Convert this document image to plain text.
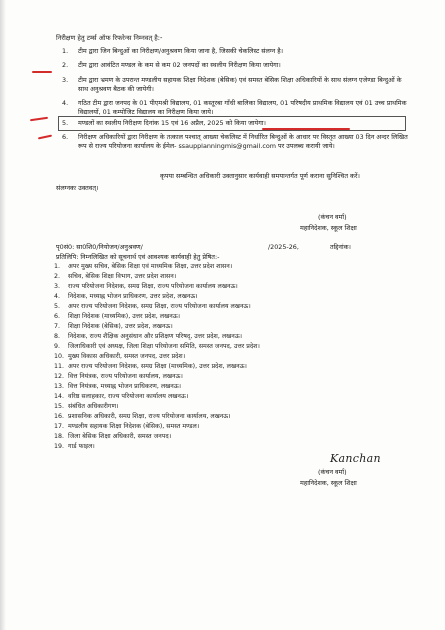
निरीक्षण हेतु टर्म्स ऑफ रिफरेन्स निम्नवत् है:-
1. टीम द्वारा जिन बिन्दुओं का निरीक्षण/अनुश्रवण किया जाना है, जिसकी चेकलिस्ट संलग्न है।
2. टीम द्वारा आवंटित मण्डल के कम से कम 02 जनपदों का स्थलीय निरीक्षण किया जायेगा।
3. टीम द्वारा भ्रमण के उपरान्त मण्डलीय सहायक शिक्षा निदेशक (बेसिक) एवं समस्त बेसिक शिक्षा अधिकारियों के साथ संलग्न एजेण्डा बिन्दुओं के साथ अनुश्रवण बैठक की जायेगी।
4. गठित टीम द्वारा जनपद के 01 पीएमश्री विद्यालय, 01 कस्तूरबा गाँधी बालिका विद्यालय, 01 परिषदीय प्राथमिक विद्यालय एवं 01 उच्च प्राथमिक विद्यालयों, 01 कम्पोजिट विद्यालय का निरीक्षण किया जाये।
5. मण्डलों का स्थलीय निरीक्षण दिनांक 15 एवं 16 अप्रैल, 2025 को किया जायेगा।
6. निरीक्षण अधिकारियों द्वारा निरीक्षण के तत्काल पश्चात् आख्या चेकलिस्ट में निर्धारित बिन्दुओं के आधार पर विस्तृत आख्या 03 दिन अन्दर लिखित रूप से राज्य परियोजना कार्यालय के ईमेल- ssaupplanningmis@gmail.com पर उपलब्ध करायी जाये।
कृपया सम्बन्धित अधिकारी उक्तानुसार कार्यवाही समयान्तर्गत पूर्ण कराना सुनिश्चित करें।
संलग्नकः उक्तवत्।
(कंचन वर्मा)
महानिदेशक, स्कूल शिक्षा
पृ0सं0: सा0शि0/नियोजन/अनुश्रवण/	/2025-26,	तद्दिनांक।
प्रतिलिपि: निम्नलिखित को सूचनार्थ एवं आवश्यक कार्यवाही हेतु प्रेषित:-
1. अपर मुख्य सचिव, बेसिक शिक्षा एवं माध्यमिक शिक्षा, उत्तर प्रदेश शासन।
2. सचिव, बेसिक शिक्षा विभाग, उत्तर प्रदेश शासन।
3. राज्य परियोजना निदेशक, समग्र शिक्षा, राज्य परियोजना कार्यालय लखनऊ।
4. निदेशक, मध्याह्न भोजन प्राधिकरण, उत्तर प्रदेश, लखनऊ।
5. अपर राज्य परियोजना निदेशक, समग्र शिक्षा, राज्य परियोजना कार्यालय लखनऊ।
6. शिक्षा निदेशक (माध्यमिक), उत्तर प्रदेश, लखनऊ।
7. शिक्षा निदेशक (बेसिक), उत्तर प्रदेश, लखनऊ।
8. निदेशक, राज्य शैक्षिक अनुसंधान और प्रशिक्षण परिषद्, उत्तर प्रदेश, लखनऊ।
9. जिलाधिकारी एवं अध्यक्ष, जिला शिक्षा परियोजना समिति, समस्त जनपद, उत्तर प्रदेश।
10. मुख्य विकास अधिकारी, समस्त जनपद, उत्तर प्रदेश।
11. अपर राज्य परियोजना निदेशक, समग्र शिक्षा (माध्यमिक), उत्तर प्रदेश, लखनऊ।
12. वित्त नियंत्रक, राज्य परियोजना कार्यालय, लखनऊ।
13. वित्त नियंत्रक, मध्याह्न भोजन प्राधिकरण, लखनऊ।
14. वरिष्ठ सलाहकार, राज्य परियोजना कार्यालय लखनऊ।
15. संबंधित अधिकारीगण।
16. प्रशासनिक अधिकारी, समग्र शिक्षा, राज्य परियोजना कार्यालय, लखनऊ।
17. मण्डलीय सहायक शिक्षा निदेशक (बेसिक), समस्त मण्डल।
18. जिला बेसिक शिक्षा अधिकारी, समस्त जनपद।
19. गार्ड फाइल।
Kanchan
(कंचन वर्मा)
महानिदेशक, स्कूल शिक्षा
